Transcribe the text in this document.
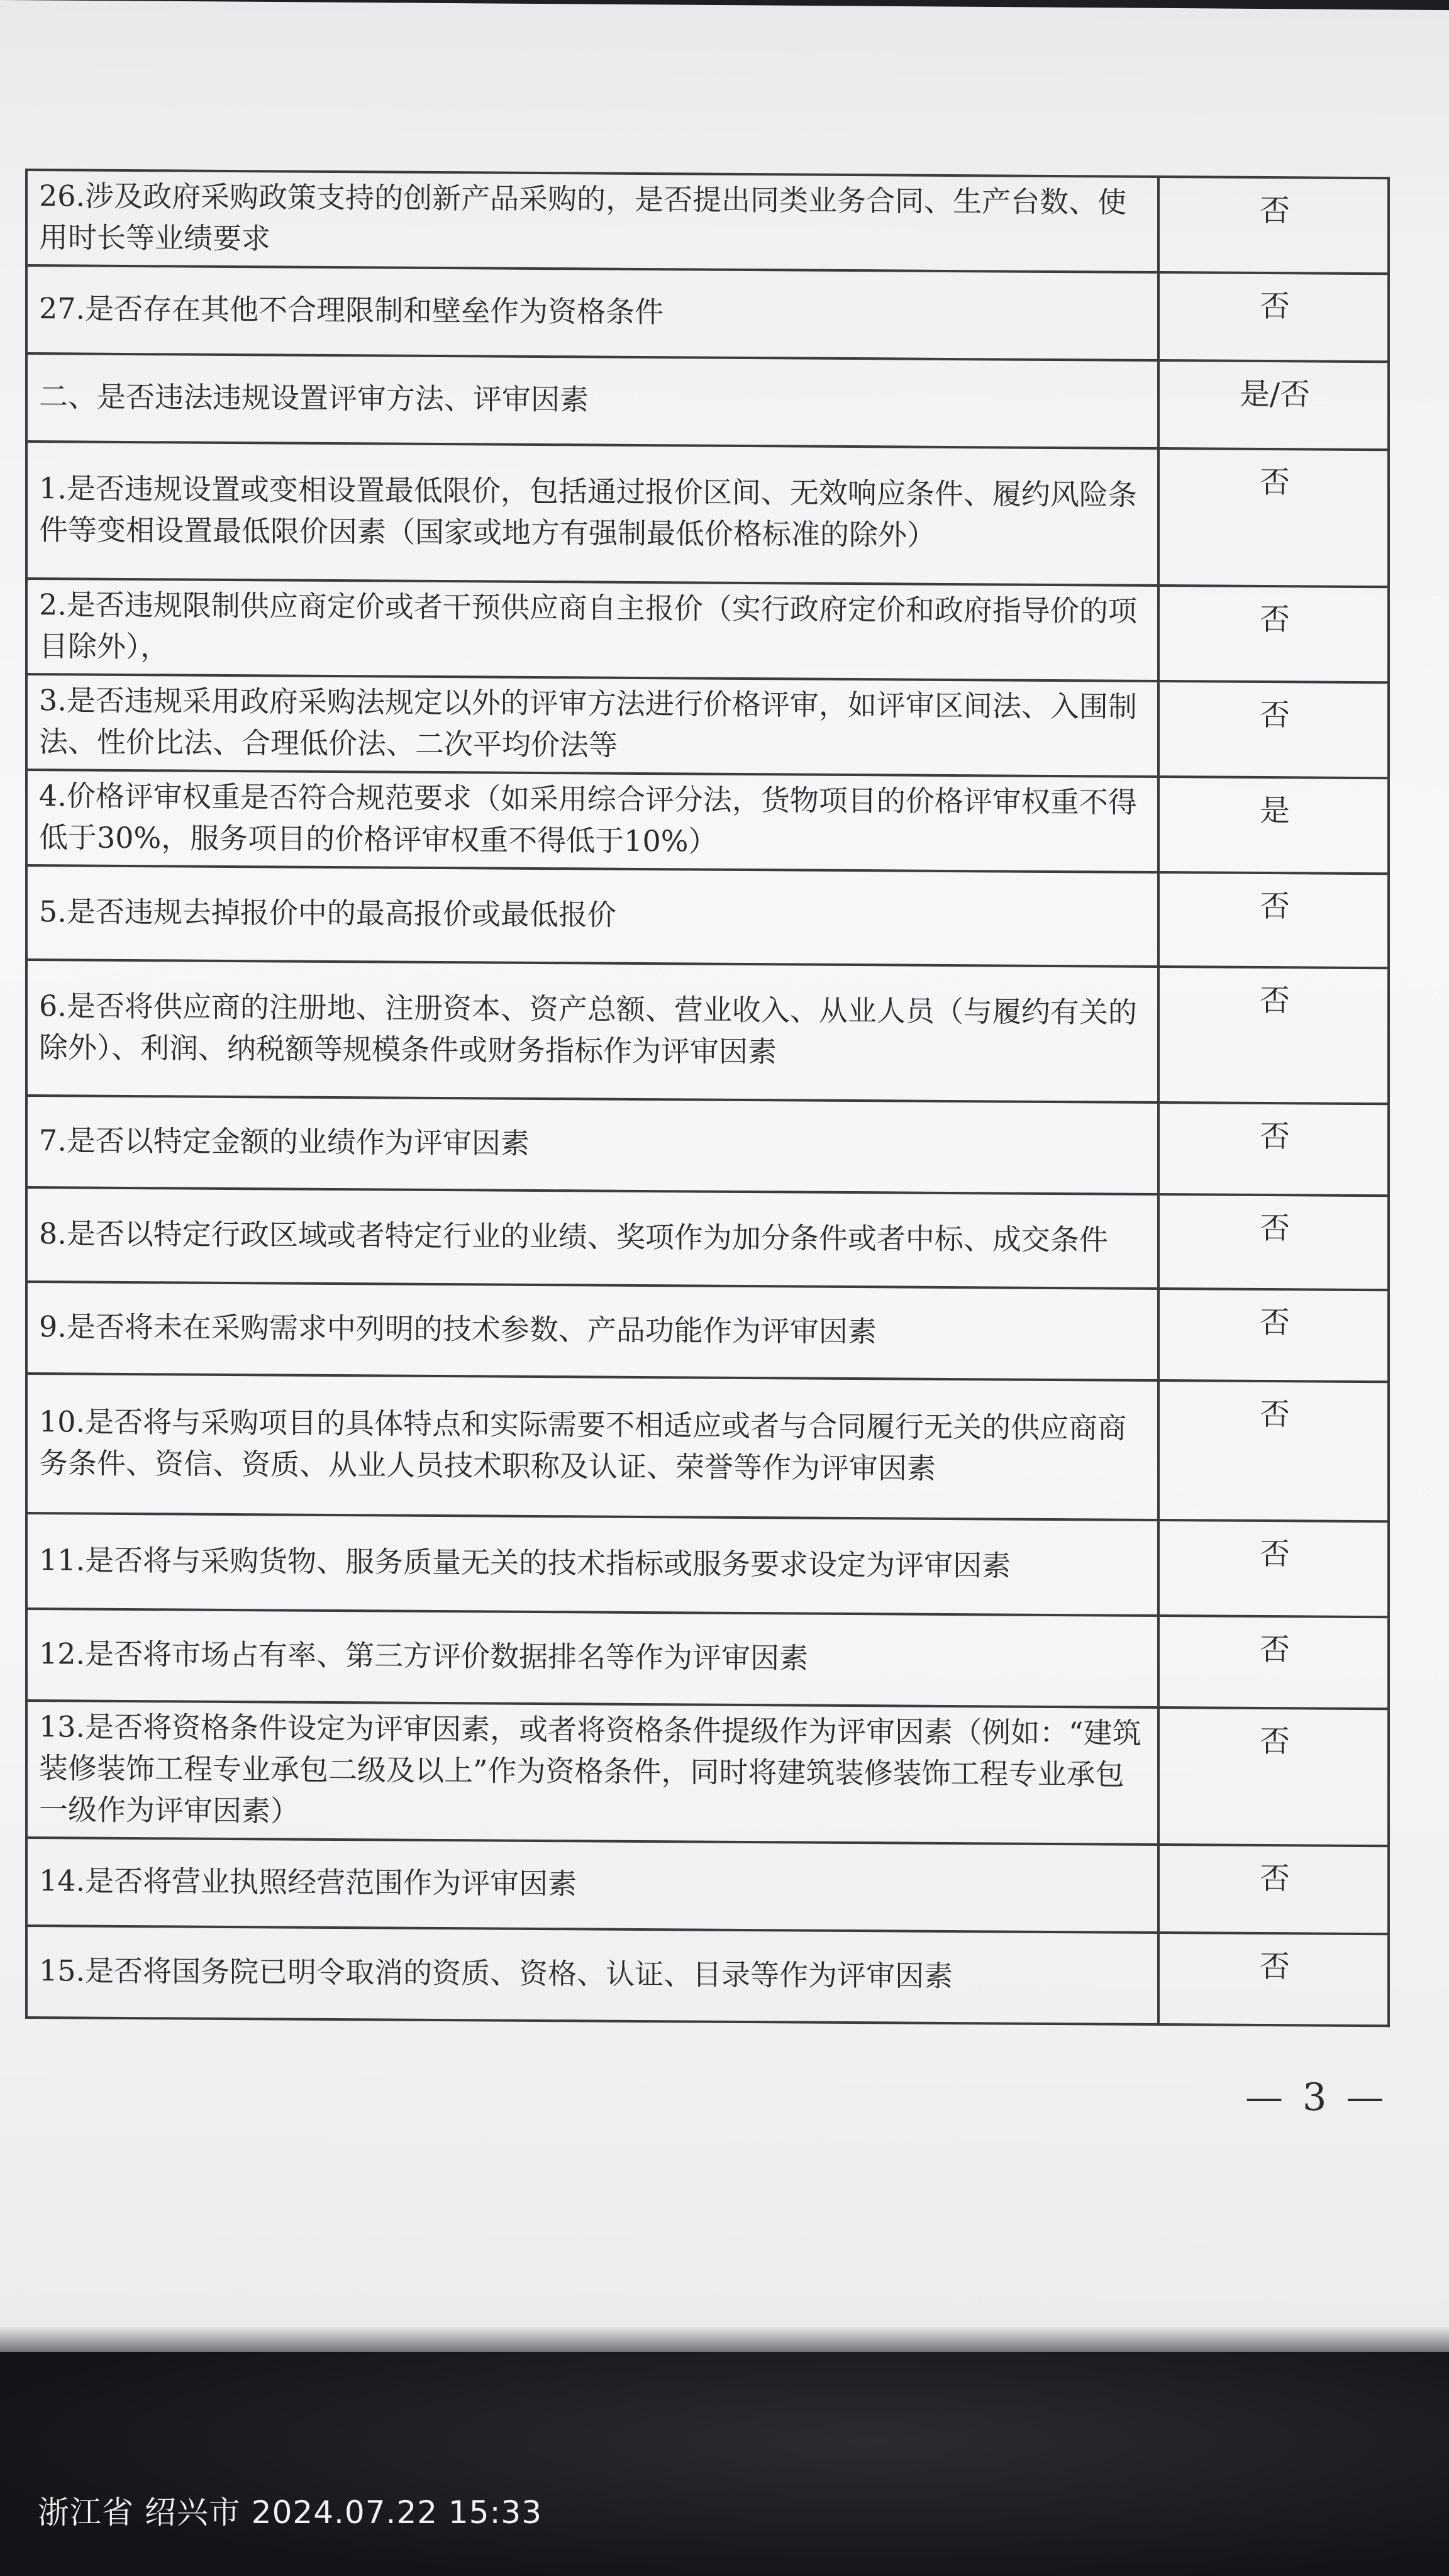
26.涉及政府采购政策支持的创新产品采购的，是否提出同类业务合同、生产台数、使用时长等业绩要求	否
27.是否存在其他不合理限制和壁垒作为资格条件	否
二、是否违法违规设置评审方法、评审因素	是/否
1.是否违规设置或变相设置最低限价，包括通过报价区间、无效响应条件、履约风险条件等变相设置最低限价因素（国家或地方有强制最低价格标准的除外）	否
2.是否违规限制供应商定价或者干预供应商自主报价（实行政府定价和政府指导价的项目除外），	否
3.是否违规采用政府采购法规定以外的评审方法进行价格评审，如评审区间法、入围制法、性价比法、合理低价法、二次平均价法等	否
4.价格评审权重是否符合规范要求（如采用综合评分法，货物项目的价格评审权重不得低于30%，服务项目的价格评审权重不得低于10%）	是
5.是否违规去掉报价中的最高报价或最低报价	否
6.是否将供应商的注册地、注册资本、资产总额、营业收入、从业人员（与履约有关的除外）、利润、纳税额等规模条件或财务指标作为评审因素	否
7.是否以特定金额的业绩作为评审因素	否
8.是否以特定行政区域或者特定行业的业绩、奖项作为加分条件或者中标、成交条件	否
9.是否将未在采购需求中列明的技术参数、产品功能作为评审因素	否
10.是否将与采购项目的具体特点和实际需要不相适应或者与合同履行无关的供应商商务条件、资信、资质、从业人员技术职称及认证、荣誉等作为评审因素	否
11.是否将与采购货物、服务质量无关的技术指标或服务要求设定为评审因素	否
12.是否将市场占有率、第三方评价数据排名等作为评审因素	否
13.是否将资格条件设定为评审因素，或者将资格条件提级作为评审因素（例如：“建筑装修装饰工程专业承包二级及以上”作为资格条件，同时将建筑装修装饰工程专业承包一级作为评审因素）	否
14.是否将营业执照经营范围作为评审因素	否
15.是否将国务院已明令取消的资质、资格、认证、目录等作为评审因素	否
— 3 —
浙江省 绍兴市 2024.07.22 15:33
